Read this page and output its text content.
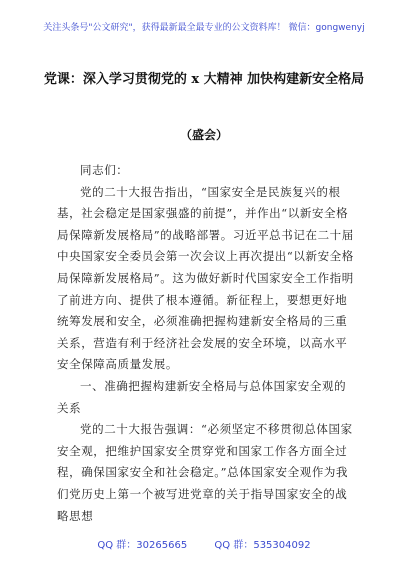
关注头条号"公文研究"，获得最新最全最专业的公文资料库！ 微信：gongwenyj
党课：深入学习贯彻党的 x 大精神 加快构建新安全格局
（盛会）

同志们：

党的二十大报告指出，“国家安全是民族复兴的根基，社会稳定是国家强盛的前提”，并作出“以新安全格局保障新发展格局”的战略部署。习近平总书记在二十届中央国家安全委员会第一次会议上再次提出“以新安全格局保障新发展格局”。这为做好新时代国家安全工作指明了前进方向、提供了根本遵循。新征程上，要想更好地统筹发展和安全，必须准确把握构建新安全格局的三重关系，营造有利于经济社会发展的安全环境，以高水平安全保障高质量发展。

一、准确把握构建新安全格局与总体国家安全观的关系

党的二十大报告强调：“必须坚定不移贯彻总体国家安全观，把维护国家安全贯穿党和国家工作各方面全过程，确保国家安全和社会稳定。”总体国家安全观作为我们党历史上第一个被写进党章的关于指导国家安全的战略思想

QQ 群：30265665	QQ 群：535304092
